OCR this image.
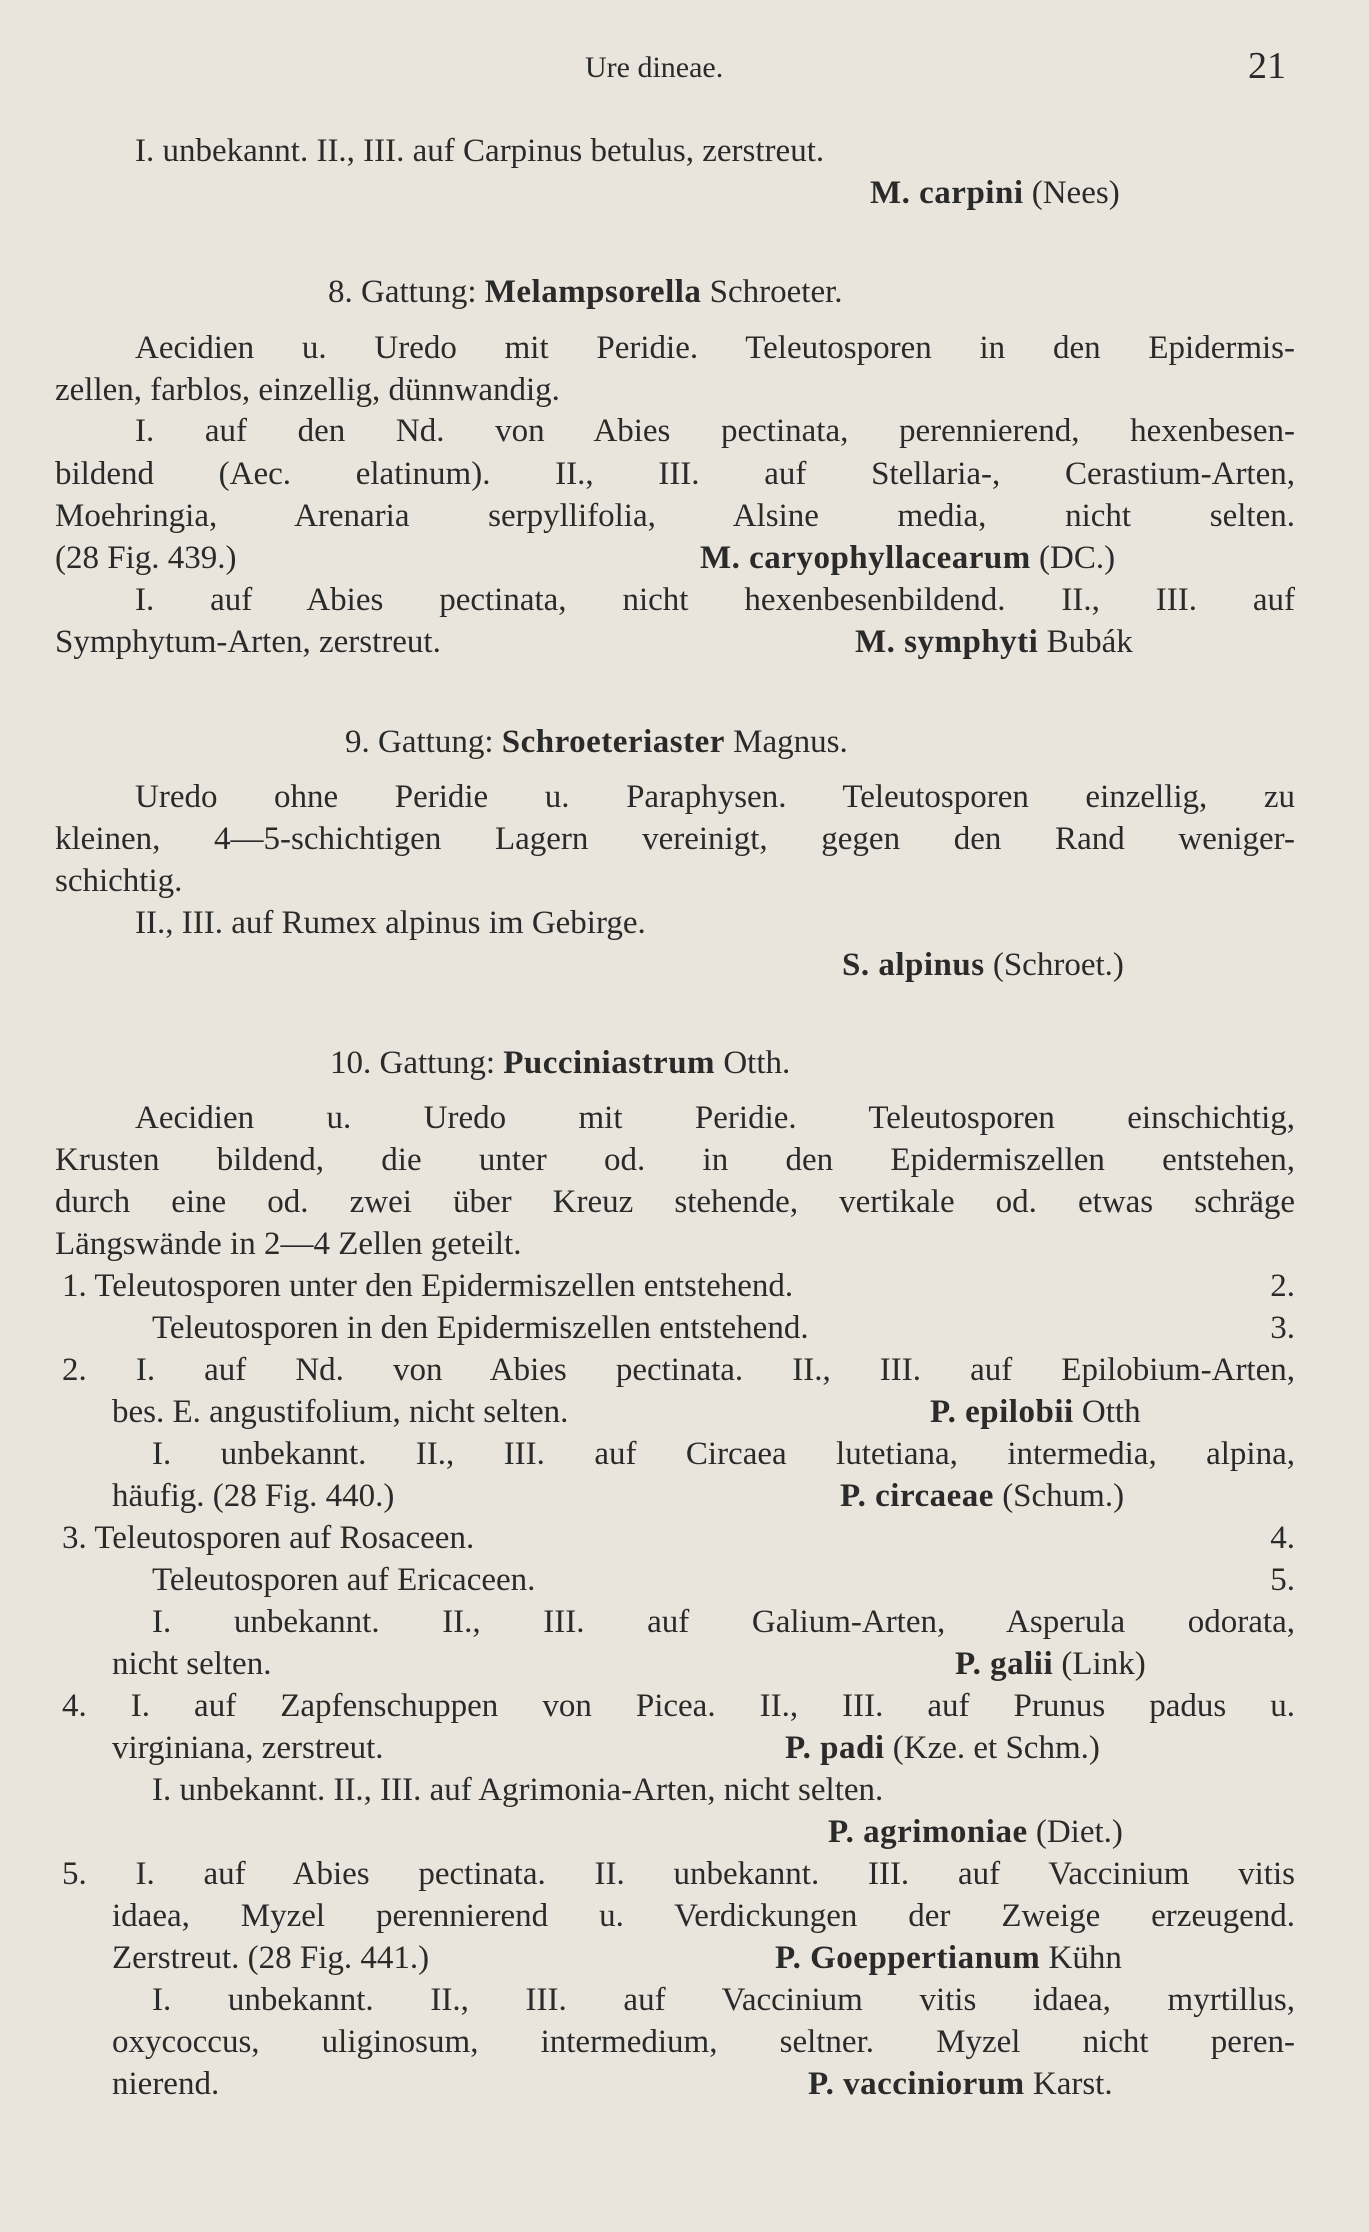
Ure dineae.	21
I. unbekannt. II., III. auf Carpinus betulus, zerstreut.
M. carpini (Nees)
8. Gattung: Melampsorella Schroeter.
Aecidien u. Uredo mit Peridie. Teleutosporen in den Epidermis-
zellen, farblos, einzellig, dünnwandig.
I. auf den Nd. von Abies pectinata, perennierend, hexenbesen-
bildend (Aec. elatinum). II., III. auf Stellaria-, Cerastium-Arten,
Moehringia, Arenaria serpyllifolia, Alsine media, nicht selten.
(28 Fig. 439.)	M. caryophyllacearum (DC.)
I. auf Abies pectinata, nicht hexenbesenbildend. II., III. auf
Symphytum-Arten, zerstreut.	M. symphyti Bubák
9. Gattung: Schroeteriaster Magnus.
Uredo ohne Peridie u. Paraphysen. Teleutosporen einzellig, zu
kleinen, 4—5-schichtigen Lagern vereinigt, gegen den Rand weniger-
schichtig.
II., III. auf Rumex alpinus im Gebirge.
S. alpinus (Schroet.)
10. Gattung: Pucciniastrum Otth.
Aecidien u. Uredo mit Peridie. Teleutosporen einschichtig,
Krusten bildend, die unter od. in den Epidermiszellen entstehen,
durch eine od. zwei über Kreuz stehende, vertikale od. etwas schräge
Längswände in 2—4 Zellen geteilt.
1. Teleutosporen unter den Epidermiszellen entstehend.	2.
Teleutosporen in den Epidermiszellen entstehend.	3.
2. I. auf Nd. von Abies pectinata. II., III. auf Epilobium-Arten,
bes. E. angustifolium, nicht selten.	P. epilobii Otth
I. unbekannt. II., III. auf Circaea lutetiana, intermedia, alpina,
häufig. (28 Fig. 440.)	P. circaeae (Schum.)
3. Teleutosporen auf Rosaceen.	4.
Teleutosporen auf Ericaceen.	5.
I. unbekannt. II., III. auf Galium-Arten, Asperula odorata,
nicht selten.	P. galii (Link)
4. I. auf Zapfenschuppen von Picea. II., III. auf Prunus padus u.
virginiana, zerstreut.	P. padi (Kze. et Schm.)
I. unbekannt. II., III. auf Agrimonia-Arten, nicht selten.
P. agrimoniae (Diet.)
5. I. auf Abies pectinata. II. unbekannt. III. auf Vaccinium vitis
idaea, Myzel perennierend u. Verdickungen der Zweige erzeugend.
Zerstreut. (28 Fig. 441.)	P. Goeppertianum Kühn
I. unbekannt. II., III. auf Vaccinium vitis idaea, myrtillus,
oxycoccus, uliginosum, intermedium, seltner. Myzel nicht peren-
nierend.	P. vacciniorum Karst.
